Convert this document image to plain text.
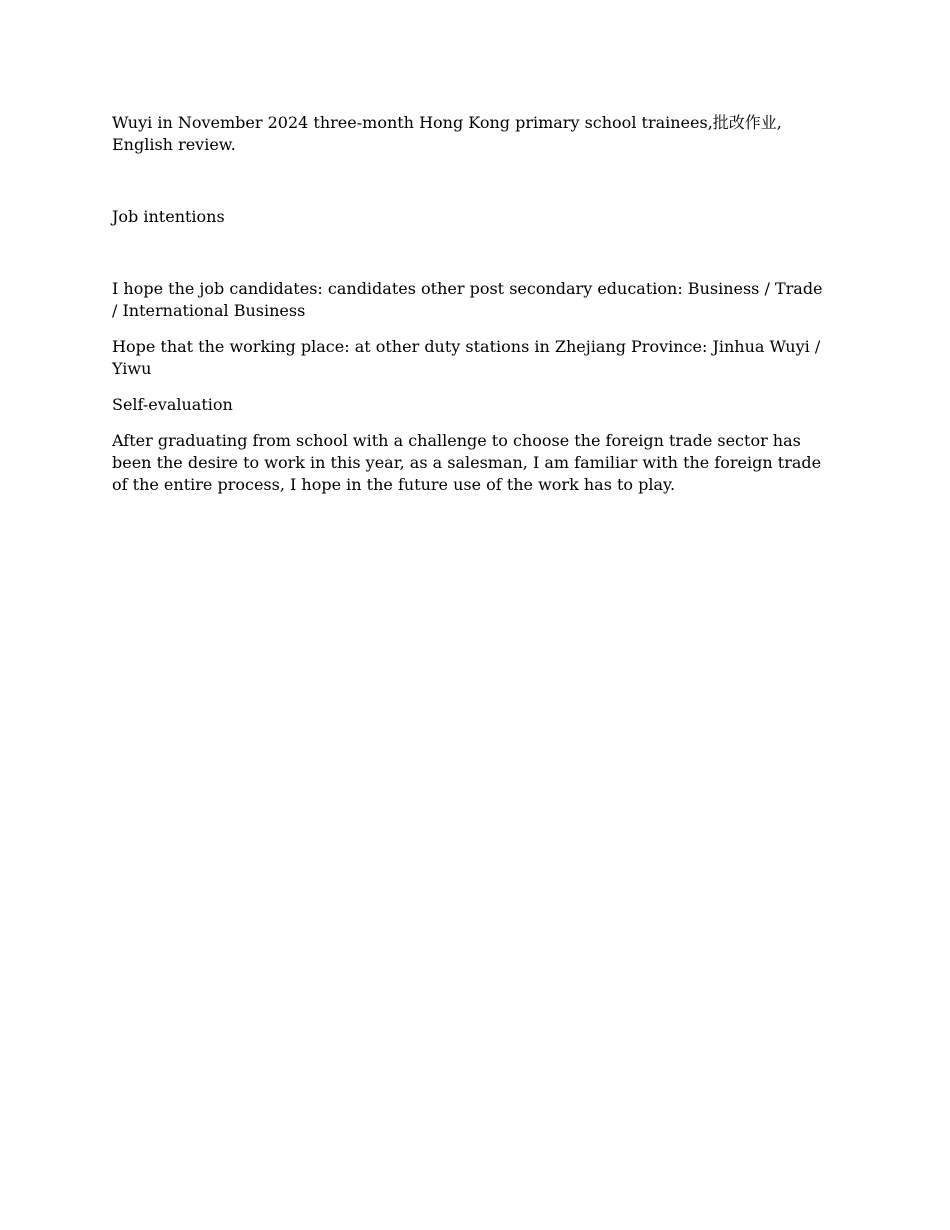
Wuyi in November 2024 three-month Hong Kong primary school trainees,批改作业, English review.

Job intentions

I hope the job candidates: candidates other post secondary education: Business / Trade / International Business

Hope that the working place: at other duty stations in Zhejiang Province: Jinhua Wuyi / Yiwu

Self-evaluation

After graduating from school with a challenge to choose the foreign trade sector has been the desire to work in this year, as a salesman, I am familiar with the foreign trade of the entire process, I hope in the future use of the work has to play.
